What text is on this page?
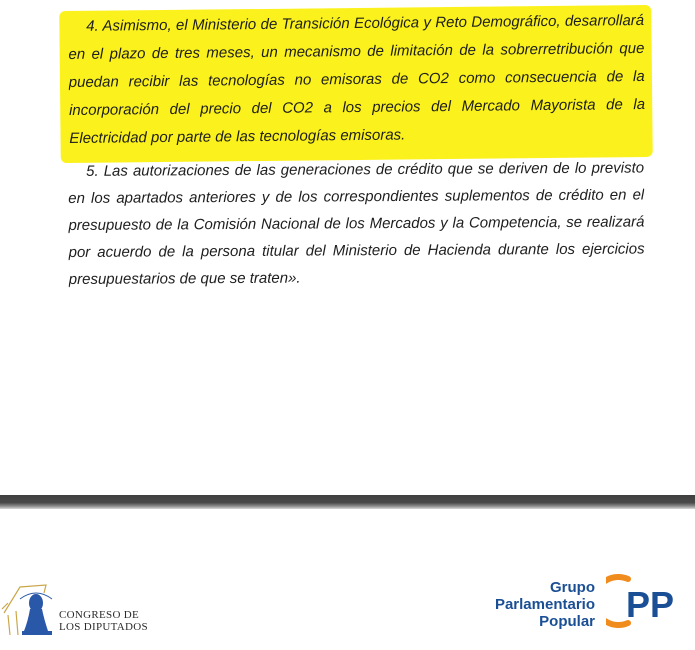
4. Asimismo, el Ministerio de Transición Ecológica y Reto Demográfico, desarrollará
en el plazo de tres meses, un mecanismo de limitación de la sobrerretribución que
puedan recibir las tecnologías no emisoras de CO2 como consecuencia de la
incorporación del precio del CO2 a los precios del Mercado Mayorista de la
Electricidad por parte de las tecnologías emisoras.
5. Las autorizaciones de las generaciones de crédito que se deriven de lo previsto
en los apartados anteriores y de los correspondientes suplementos de crédito en el
presupuesto de la Comisión Nacional de los Mercados y la Competencia, se realizará
por acuerdo de la persona titular del Ministerio de Hacienda durante los ejercicios
presupuestarios de que se traten».
CONGRESO DE
LOS DIPUTADOS
Grupo
Parlamentario
Popular PP
